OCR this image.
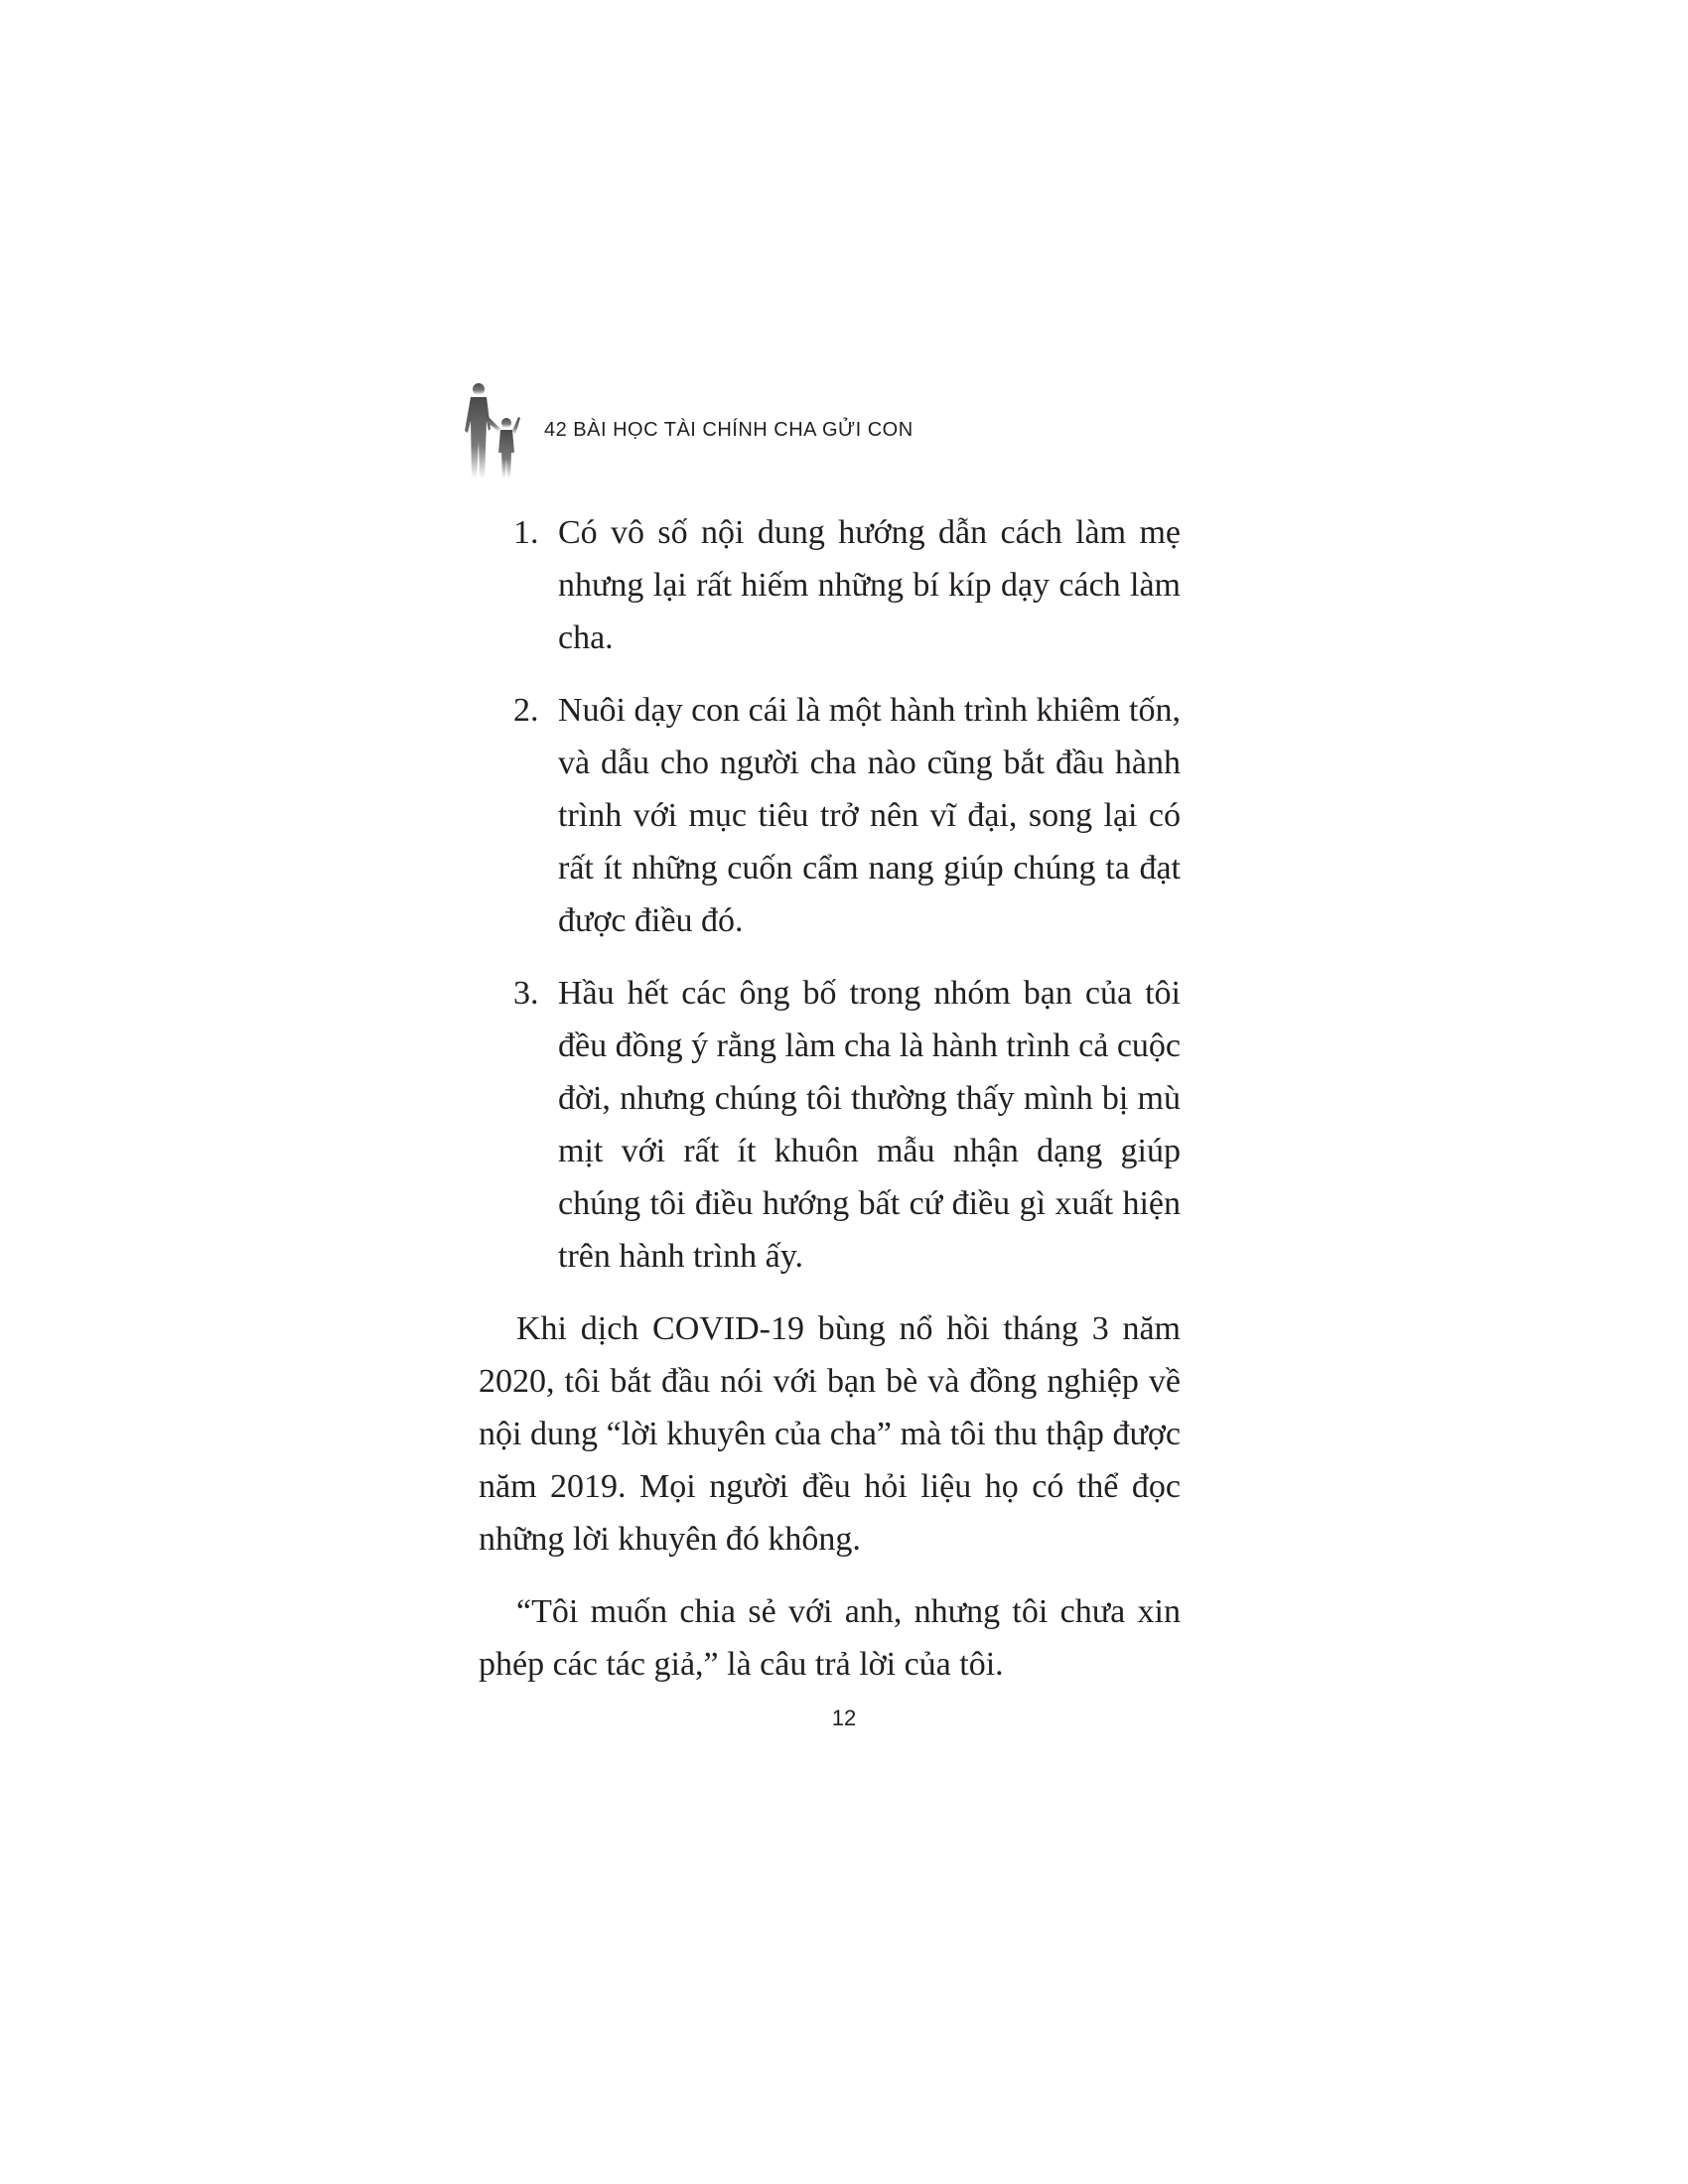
42 BÀI HỌC TÀI CHÍNH CHA GỬI CON
1. Có vô số nội dung hướng dẫn cách làm mẹ nhưng lại rất hiếm những bí kíp dạy cách làm cha.
2. Nuôi dạy con cái là một hành trình khiêm tốn, và dẫu cho người cha nào cũng bắt đầu hành trình với mục tiêu trở nên vĩ đại, song lại có rất ít những cuốn cẩm nang giúp chúng ta đạt được điều đó.
3. Hầu hết các ông bố trong nhóm bạn của tôi đều đồng ý rằng làm cha là hành trình cả cuộc đời, nhưng chúng tôi thường thấy mình bị mù mịt với rất ít khuôn mẫu nhận dạng giúp chúng tôi điều hướng bất cứ điều gì xuất hiện trên hành trình ấy.

Khi dịch COVID-19 bùng nổ hồi tháng 3 năm 2020, tôi bắt đầu nói với bạn bè và đồng nghiệp về nội dung “lời khuyên của cha” mà tôi thu thập được năm 2019. Mọi người đều hỏi liệu họ có thể đọc những lời khuyên đó không.

“Tôi muốn chia sẻ với anh, nhưng tôi chưa xin phép các tác giả,” là câu trả lời của tôi.

12
